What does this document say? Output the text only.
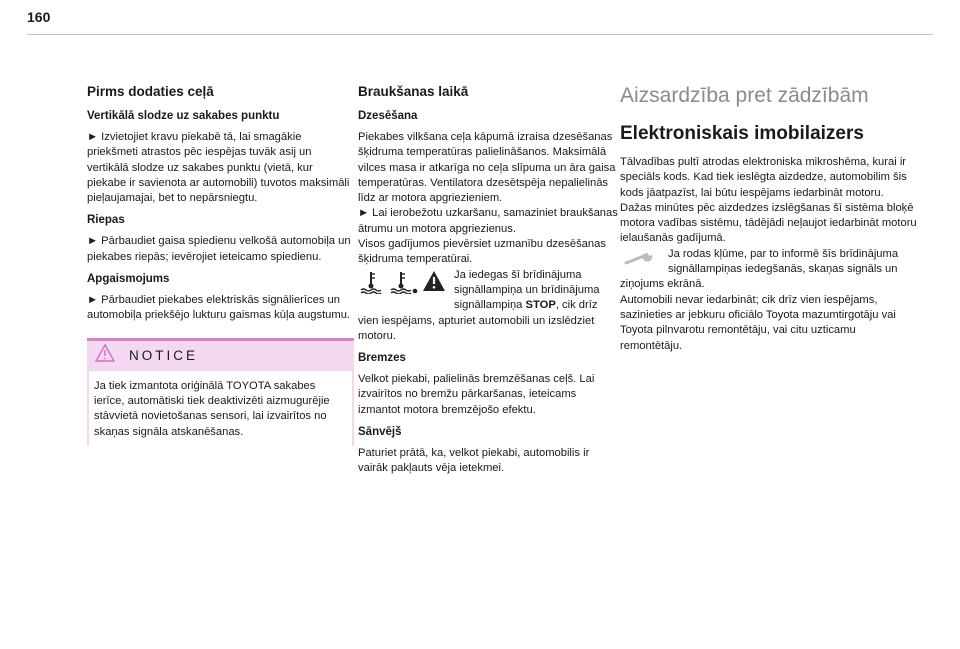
160
Pirms dodaties ceļā
Vertikālā slodze uz sakabes punktu

► Izvietojiet kravu piekabē tā, lai smagākie priekšmeti atrastos pēc iespējas tuvāk asij un vertikālā slodze uz sakabes punktu (vietā, kur piekabe ir savienota ar automobili) tuvotos maksimāli pieļaujamajai, bet to nepārsniegtu.

Riepas

► Pārbaudiet gaisa spiedienu velkošā automobiļa un piekabes riepās; ievērojiet ieteicamo spiedienu.

Apgaismojums

► Pārbaudiet piekabes elektriskās signālierīces un automobiļa priekšējo lukturu gaismas kūļa augstumu.

NOTICE

Ja tiek izmantota oriģinālā TOYOTA sakabes ierīce, automātiski tiek deaktivizēti aizmugurējie stāvvietā novietošanas sensori, lai izvairītos no skaņas signāla atskanēšanas.

Braukšanas laikā
Dzesēšana

Piekabes vilkšana ceļa kāpumā izraisa dzesēšanas šķidruma temperatūras palielināšanos. Maksimālā vilces masa ir atkarīga no ceļa slīpuma un āra gaisa temperatūras. Ventilatora dzesētspēja nepalielinās līdz ar motora apgriezieniem.
► Lai ierobežotu uzkaršanu, samaziniet braukšanas ātrumu un motora apgriezienus.
Visos gadījumos pievērsiet uzmanību dzesēšanas šķidruma temperatūrai.

Ja iedegas šī brīdinājuma signāllampiņa un brīdinājuma signāllampiņa STOP, cik drīz vien iespējams, apturiet automobili un izslēdziet motoru.

Bremzes

Velkot piekabi, palielinās bremzēšanas ceļš. Lai izvairītos no bremžu pārkaršanas, ieteicams izmantot motora bremzējošo efektu.

Sānvējš

Paturiet prātā, ka, velkot piekabi, automobilis ir vairāk pakļauts vēja ietekmei.

Aizsardzība pret zādzībām
Elektroniskais imobilaizers

Tālvadības pultī atrodas elektroniska mikroshēma, kurai ir speciāls kods. Kad tiek ieslēgta aizdedze, automobilim šis kods jāatpazīst, lai būtu iespējams iedarbināt motoru.

Dažas minūtes pēc aizdedzes izslēgšanas šī sistēma bloķē motora vadības sistēmu, tādējādi neļaujot iedarbināt motoru ielaušanās gadījumā.

Ja rodas kļūme, par to informē šīs brīdinājuma signāllampiņas iedegšanās, skaņas signāls un ziņojums ekrānā.

Automobili nevar iedarbināt; cik drīz vien iespējams, sazinieties ar jebkuru oficiālo Toyota mazumtirgotāju vai Toyota pilnvarotu remontētāju, vai citu uzticamu remontētāju.
